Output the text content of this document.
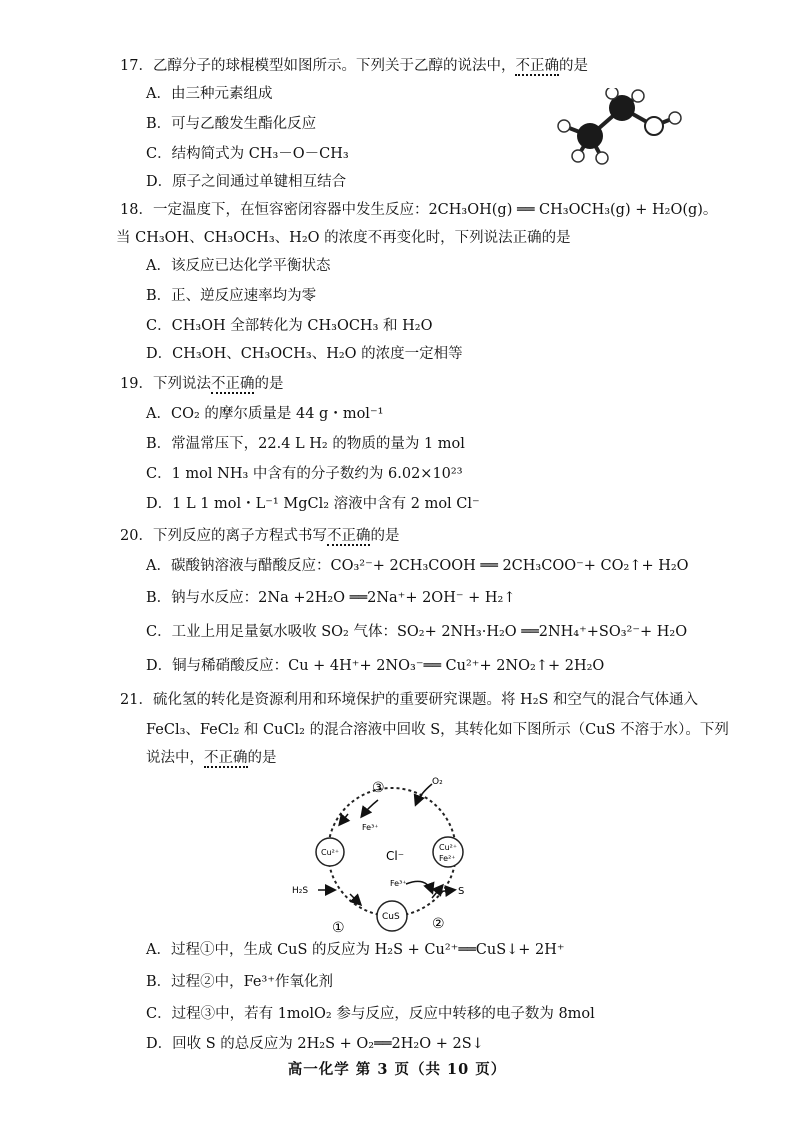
17．乙醇分子的球棍模型如图所示。下列关于乙醇的说法中，不正确的是
A．由三种元素组成
B．可与乙酸发生酯化反应
C．结构简式为 CH₃－O－CH₃
D．原子之间通过单键相互结合
18．一定温度下，在恒容密闭容器中发生反应：2CH₃OH(g) ══ CH₃OCH₃(g) + H₂O(g)。
当 CH₃OH、CH₃OCH₃、H₂O 的浓度不再变化时，下列说法正确的是
A．该反应已达化学平衡状态
B．正、逆反应速率均为零
C．CH₃OH 全部转化为 CH₃OCH₃ 和 H₂O
D．CH₃OH、CH₃OCH₃、H₂O 的浓度一定相等
19．下列说法不正确的是
A．CO₂ 的摩尔质量是 44 g・mol⁻¹
B．常温常压下，22.4 L H₂ 的物质的量为 1 mol
C．1 mol NH₃ 中含有的分子数约为 6.02×10²³
D．1 L 1 mol・L⁻¹ MgCl₂ 溶液中含有 2 mol Cl⁻
20．下列反应的离子方程式书写不正确的是
A．碳酸钠溶液与醋酸反应：CO₃²⁻+ 2CH₃COOH ══ 2CH₃COO⁻+ CO₂↑+ H₂O
B．钠与水反应：2Na +2H₂O ══2Na⁺+ 2OH⁻ + H₂↑
C．工业上用足量氨水吸收 SO₂ 气体：SO₂+ 2NH₃·H₂O ══2NH₄⁺+SO₃²⁻+ H₂O
D．铜与稀硝酸反应：Cu + 4H⁺+ 2NO₃⁻══ Cu²⁺+ 2NO₂↑+ 2H₂O
21．硫化氢的转化是资源利用和环境保护的重要研究课题。将 H₂S 和空气的混合气体通入
FeCl₃、FeCl₂ 和 CuCl₂ 的混合溶液中回收 S，其转化如下图所示（CuS 不溶于水）。下列
说法中，不正确的是
③
①	②
O₂
Fe³⁺
Cu²⁺	Cl⁻
Cu²⁺
Fe²⁺
H₂S
Fe³⁺
S
CuS
A．过程①中，生成 CuS 的反应为 H₂S + Cu²⁺══CuS↓+ 2H⁺
B．过程②中，Fe³⁺作氧化剂
C．过程③中，若有 1molO₂ 参与反应，反应中转移的电子数为 8mol
D．回收 S 的总反应为 2H₂S + O₂══2H₂O + 2S↓
高一化学 第 3 页（共 10 页）
